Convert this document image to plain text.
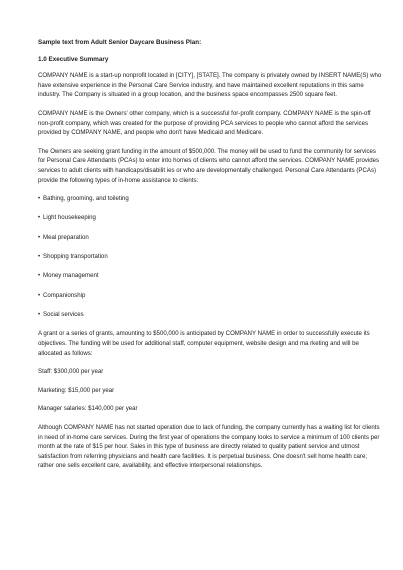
Sample text from Adult Senior Daycare Business Plan:
1.0 Executive Summary

COMPANY NAME is a start-up nonprofit located in [CITY], [STATE]. The company is privately owned by INSERT NAME(S) who have extensive experience in the Personal Care Service industry, and have maintained excellent reputations in this same industry. The Company is situated in a group location, and the business space encompasses 2500 square feet.

COMPANY NAME is the Owners' other company, which is a successful for-profit company. COMPANY NAME is the spin-off non-profit company, which was created for the purpose of providing PCA services to people who cannot afford the services provided by COMPANY NAME, and people who don't have Medicaid and Medicare.

The Owners are seeking grant funding in the amount of $500,000. The money will be used to fund the community for services for Personal Care Attendants (PCAs) to enter into homes of clients who cannot afford the services. COMPANY NAME provides services to adult clients with handicaps/disabilit ies or who are developmentally challenged. Personal Care Attendants (PCAs) provide the following types of in-home assistance to clients:

• Bathing, grooming, and toileting
• Light housekeeping
• Meal preparation
• Shopping transportation
• Money management
• Companionship
• Social services

A grant or a series of grants, amounting to $500,000 is anticipated by COMPANY NAME in order to successfully execute its objectives. The funding will be used for additional staff, computer equipment, website design and ma rketing and will be allocated as follows:

Staff: $300,000 per year

Marketing: $15,000 per year

Manager salaries: $140,000 per year

Although COMPANY NAME has not started operation due to lack of funding, the company currently has a waiting list for clients in need of in-home care services. During the first year of operations the company looks to service a minimum of 100 clients per month at the rate of $15 per hour. Sales in this type of business are directly related to quality patient service and utmost satisfaction from referring physicians and health care facilities. It is perpetual business. One doesn't sell home health care; rather one sells excellent care, availability, and effective interpersonal relationships.
